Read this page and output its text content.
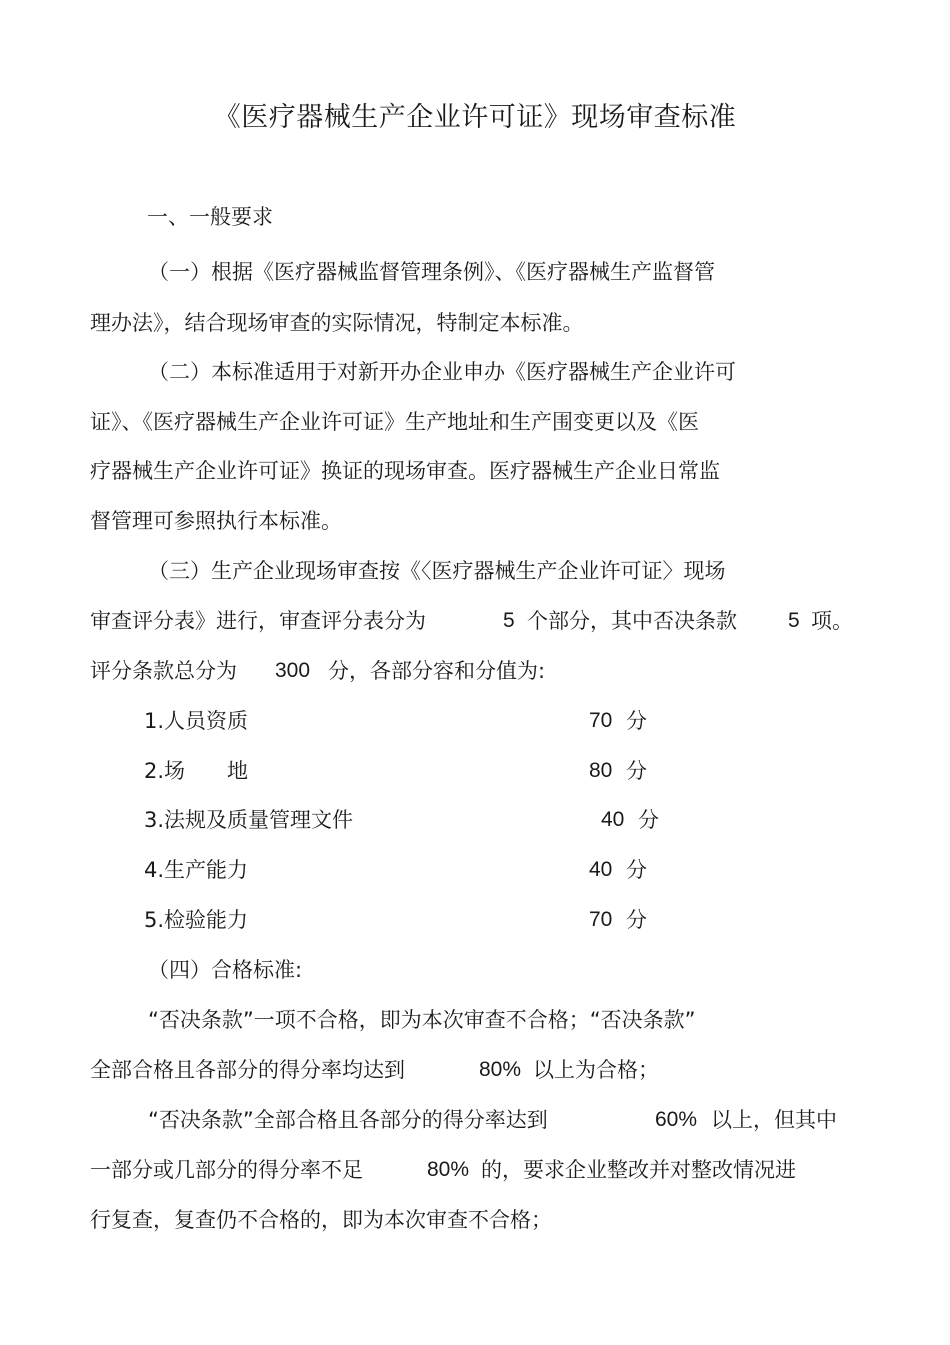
《医疗器械生产企业许可证》现场审查标准
一、一般要求
（一）根据《医疗器械监督管理条例》、《医疗器械生产监督管
理办法》，结合现场审查的实际情况，特制定本标准。
（二）本标准适用于对新开办企业申办《医疗器械生产企业许可
证》、《医疗器械生产企业许可证》生产地址和生产围变更以及《医
疗器械生产企业许可证》换证的现场审查。医疗器械生产企业日常监
督管理可参照执行本标准。
（三）生产企业现场审查按《〈医疗器械生产企业许可证〉现场
审查评分表》进行，审查评分表分为	5 个部分，其中否决条款 5 项。
评分条款总分为 300 分，各部分容和分值为:
1.人员资质	70 分
2.场　　地	80 分
3.法规及质量管理文件	40 分
4.生产能力	40 分
5.检验能力	70 分
（四）合格标准:
“否决条款”一项不合格，即为本次审查不合格；“否决条款”
全部合格且各部分的得分率均达到	80% 以上为合格；
“否决条款”全部合格且各部分的得分率达到	60% 以上，但其中
一部分或几部分的得分率不足	80% 的，要求企业整改并对整改情况进
行复查，复查仍不合格的，即为本次审查不合格；
